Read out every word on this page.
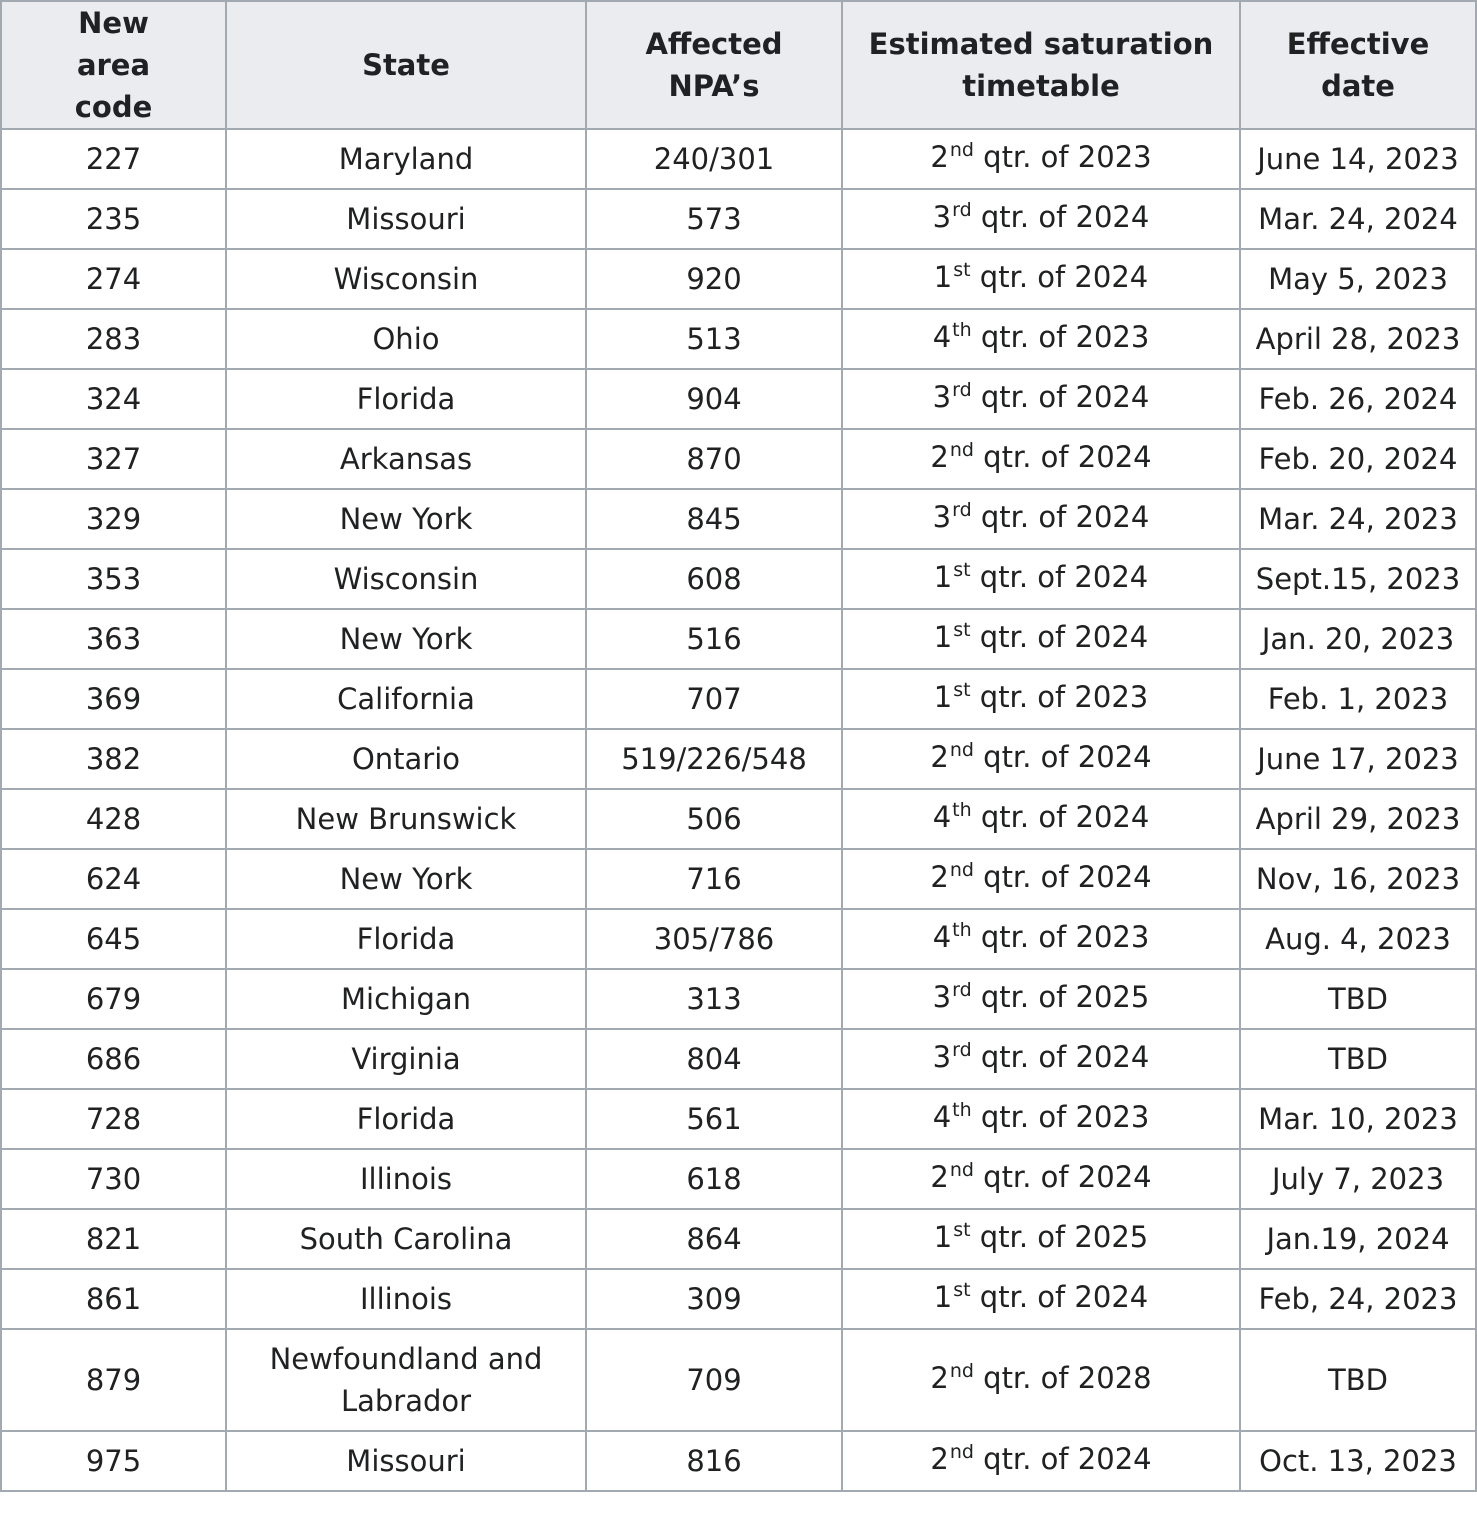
New area code	State	Affected NPA’s	Estimated saturation timetable	Effective date
227	Maryland	240/301	2nd qtr. of 2023	June 14, 2023
235	Missouri	573	3rd qtr. of 2024	Mar. 24, 2024
274	Wisconsin	920	1st qtr. of 2024	May 5, 2023
283	Ohio	513	4th qtr. of 2023	April 28, 2023
324	Florida	904	3rd qtr. of 2024	Feb. 26, 2024
327	Arkansas	870	2nd qtr. of 2024	Feb. 20, 2024
329	New York	845	3rd qtr. of 2024	Mar. 24, 2023
353	Wisconsin	608	1st qtr. of 2024	Sept.15, 2023
363	New York	516	1st qtr. of 2024	Jan. 20, 2023
369	California	707	1st qtr. of 2023	Feb. 1, 2023
382	Ontario	519/226/548	2nd qtr. of 2024	June 17, 2023
428	New Brunswick	506	4th qtr. of 2024	April 29, 2023
624	New York	716	2nd qtr. of 2024	Nov, 16, 2023
645	Florida	305/786	4th qtr. of 2023	Aug. 4, 2023
679	Michigan	313	3rd qtr. of 2025	TBD
686	Virginia	804	3rd qtr. of 2024	TBD
728	Florida	561	4th qtr. of 2023	Mar. 10, 2023
730	Illinois	618	2nd qtr. of 2024	July 7, 2023
821	South Carolina	864	1st qtr. of 2025	Jan.19, 2024
861	Illinois	309	1st qtr. of 2024	Feb, 24, 2023
879	Newfoundland and Labrador	709	2nd qtr. of 2028	TBD
975	Missouri	816	2nd qtr. of 2024	Oct. 13, 2023
